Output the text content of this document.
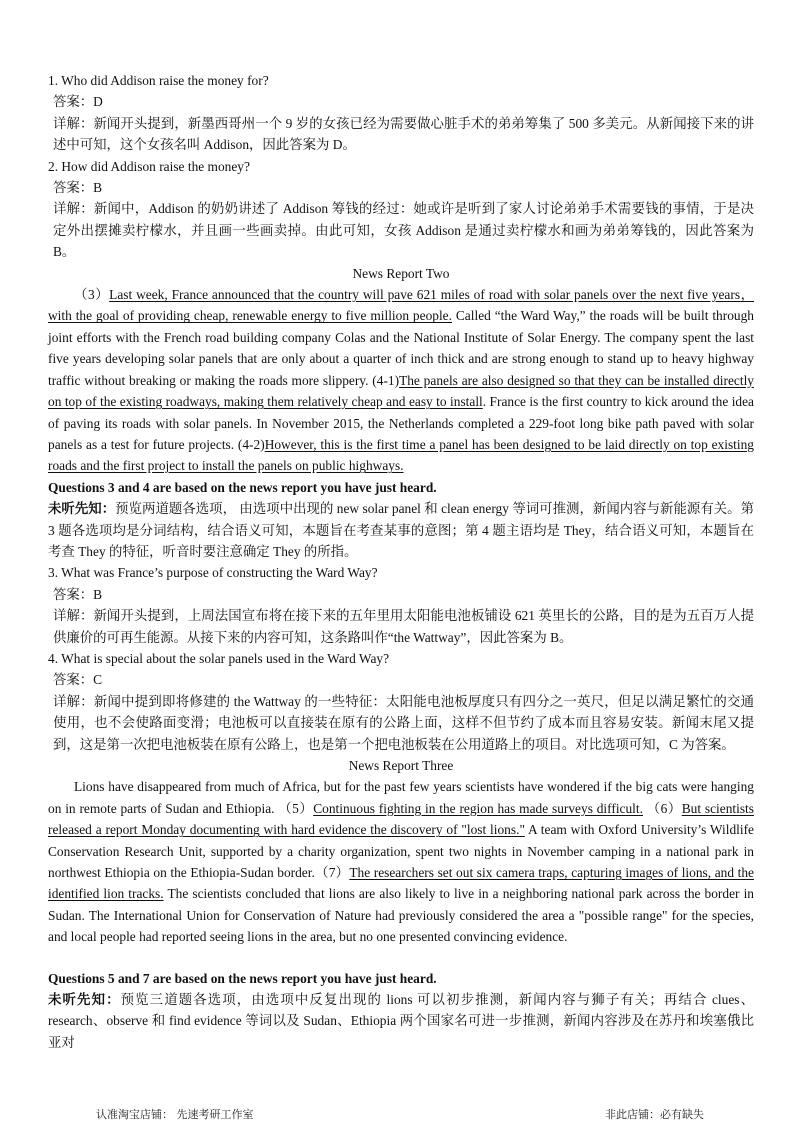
1. Who did Addison raise the money for?

答案：D

详解：新闻开头提到，新墨西哥州一个 9 岁的女孩已经为需要做心脏手术的弟弟筹集了 500 多美元。从新闻接下来的讲述中可知，这个女孩名叫 Addison，因此答案为 D。

2. How did Addison raise the money?

答案：B

详解：新闻中，Addison 的奶奶讲述了 Addison 筹钱的经过：她或许是听到了家人讨论弟弟手术需要钱的事情，于是决定外出摆摊卖柠檬水，并且画一些画卖掉。由此可知，女孩 Addison 是通过卖柠檬水和画为弟弟筹钱的，因此答案为 B。

News Report Two

（3）Last week, France announced that the country will pave 621 miles of road with solar panels over the next five years，with the goal of providing cheap, renewable energy to five million people. Called “the Ward Way,” the roads will be built through joint efforts with the French road building company Colas and the National Institute of Solar Energy. The company spent the last five years developing solar panels that are only about a quarter of inch thick and are strong enough to stand up to heavy highway traffic without breaking or making the roads more slippery. (4-1)The panels are also designed so that they can be installed directly on top of the existing roadways, making them relatively cheap and easy to install. France is the first country to kick around the idea of paving its roads with solar panels. In November 2015, the Netherlands completed a 229-foot long bike path paved with solar panels as a test for future projects. (4-2)However, this is the first time a panel has been designed to be laid directly on top existing roads and the first project to install the panels on public highways.

Questions 3 and 4 are based on the news report you have just heard.

未听先知：预览两道题各选项， 由选项中出现的 new solar panel 和 clean energy 等词可推测，新闻内容与新能源有关。第 3 题各选项均是分词结构，结合语义可知，本题旨在考查某事的意图；第 4 题主语均是 They，结合语义可知，本题旨在考查 They 的特征，听音时要注意确定 They 的所指。

3. What was France’s purpose of constructing the Ward Way?

答案：B

详解：新闻开头提到，上周法国宣布将在接下来的五年里用太阳能电池板铺设 621 英里长的公路，目的是为五百万人提供廉价的可再生能源。从接下来的内容可知，这条路叫作“the Wattway”，因此答案为 B。

4. What is special about the solar panels used in the Ward Way?

答案：C

详解：新闻中提到即将修建的 the Wattway 的一些特征：太阳能电池板厚度只有四分之一英尺，但足以满足繁忙的交通使用，也不会使路面变滑；电池板可以直接装在原有的公路上面，这样不但节约了成本而且容易安装。新闻末尾又提到，这是第一次把电池板装在原有公路上，也是第一个把电池板装在公用道路上的项目。对比选项可知，C 为答案。

News Report Three

Lions have disappeared from much of Africa, but for the past few years scientists have wondered if the big cats were hanging on in remote parts of Sudan and Ethiopia. （5）Continuous fighting in the region has made surveys difficult. （6）But scientists released a report Monday documenting with hard evidence the discovery of "lost lions." A team with Oxford University’s Wildlife Conservation Research Unit, supported by a charity organization, spent two nights in November camping in a national park in northwest Ethiopia on the Ethiopia-Sudan border.（7）The researchers set out six camera traps, capturing images of lions, and the identified lion tracks. The scientists concluded that lions are also likely to live in a neighboring national park across the border in Sudan. The International Union for Conservation of Nature had previously considered the area a "possible range" for the species, and local people had reported seeing lions in the area, but no one presented convincing evidence.

Questions 5 and 7 are based on the news report you have just heard.

未听先知：预览三道题各选项，由选项中反复出现的 lions 可以初步推测，新闻内容与狮子有关；再结合 clues、research、observe 和 find evidence 等词以及 Sudan、Ethiopia 两个国家名可进一步推测，新闻内容涉及在苏丹和埃塞俄比亚对

认准淘宝店铺： 先速考研工作室	非此店铺：必有缺失
